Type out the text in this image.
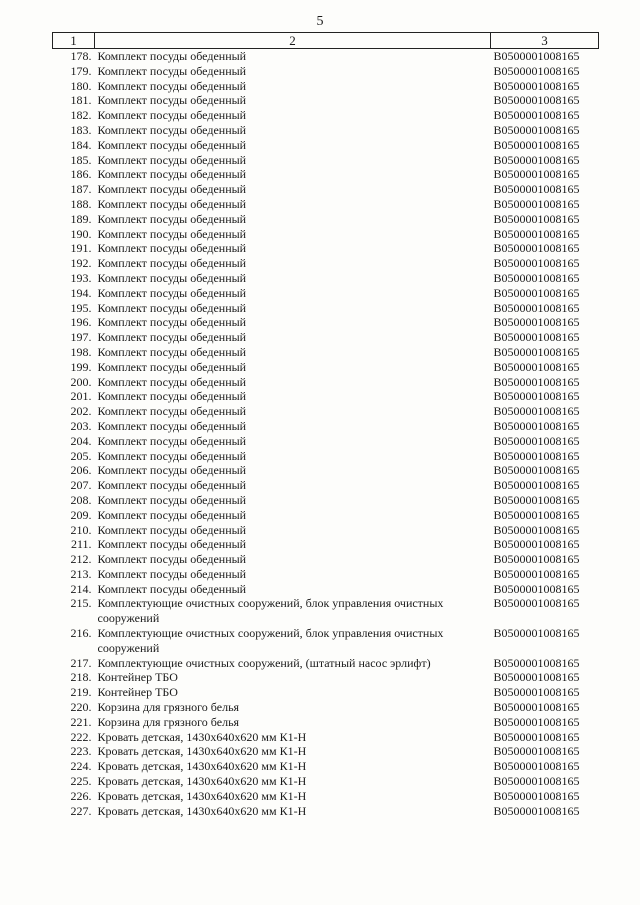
5
1	2	3
178.	Комплект посуды обеденный	В0500001008165
179.	Комплект посуды обеденный	В0500001008165
180.	Комплект посуды обеденный	В0500001008165
181.	Комплект посуды обеденный	В0500001008165
182.	Комплект посуды обеденный	В0500001008165
183.	Комплект посуды обеденный	В0500001008165
184.	Комплект посуды обеденный	В0500001008165
185.	Комплект посуды обеденный	В0500001008165
186.	Комплект посуды обеденный	В0500001008165
187.	Комплект посуды обеденный	В0500001008165
188.	Комплект посуды обеденный	В0500001008165
189.	Комплект посуды обеденный	В0500001008165
190.	Комплект посуды обеденный	В0500001008165
191.	Комплект посуды обеденный	В0500001008165
192.	Комплект посуды обеденный	В0500001008165
193.	Комплект посуды обеденный	В0500001008165
194.	Комплект посуды обеденный	В0500001008165
195.	Комплект посуды обеденный	В0500001008165
196.	Комплект посуды обеденный	В0500001008165
197.	Комплект посуды обеденный	В0500001008165
198.	Комплект посуды обеденный	В0500001008165
199.	Комплект посуды обеденный	В0500001008165
200.	Комплект посуды обеденный	В0500001008165
201.	Комплект посуды обеденный	В0500001008165
202.	Комплект посуды обеденный	В0500001008165
203.	Комплект посуды обеденный	В0500001008165
204.	Комплект посуды обеденный	В0500001008165
205.	Комплект посуды обеденный	В0500001008165
206.	Комплект посуды обеденный	В0500001008165
207.	Комплект посуды обеденный	В0500001008165
208.	Комплект посуды обеденный	В0500001008165
209.	Комплект посуды обеденный	В0500001008165
210.	Комплект посуды обеденный	В0500001008165
211.	Комплект посуды обеденный	В0500001008165
212.	Комплект посуды обеденный	В0500001008165
213.	Комплект посуды обеденный	В0500001008165
214.	Комплект посуды обеденный	В0500001008165
215.	Комплектующие очистных сооружений, блок управления очистных сооружений	В0500001008165
216.	Комплектующие очистных сооружений, блок управления очистных сооружений	В0500001008165
217.	Комплектующие очистных сооружений, (штатный насос эрлифт)	В0500001008165
218.	Контейнер ТБО	В0500001008165
219.	Контейнер ТБО	В0500001008165
220.	Корзина для грязного белья	В0500001008165
221.	Корзина для грязного белья	В0500001008165
222.	Кровать детская, 1430x640x620 мм К1-Н	В0500001008165
223.	Кровать детская, 1430x640x620 мм К1-Н	В0500001008165
224.	Кровать детская, 1430x640x620 мм К1-Н	В0500001008165
225.	Кровать детская, 1430x640x620 мм К1-Н	В0500001008165
226.	Кровать детская, 1430x640x620 мм К1-Н	В0500001008165
227.	Кровать детская, 1430x640x620 мм К1-Н	В0500001008165
